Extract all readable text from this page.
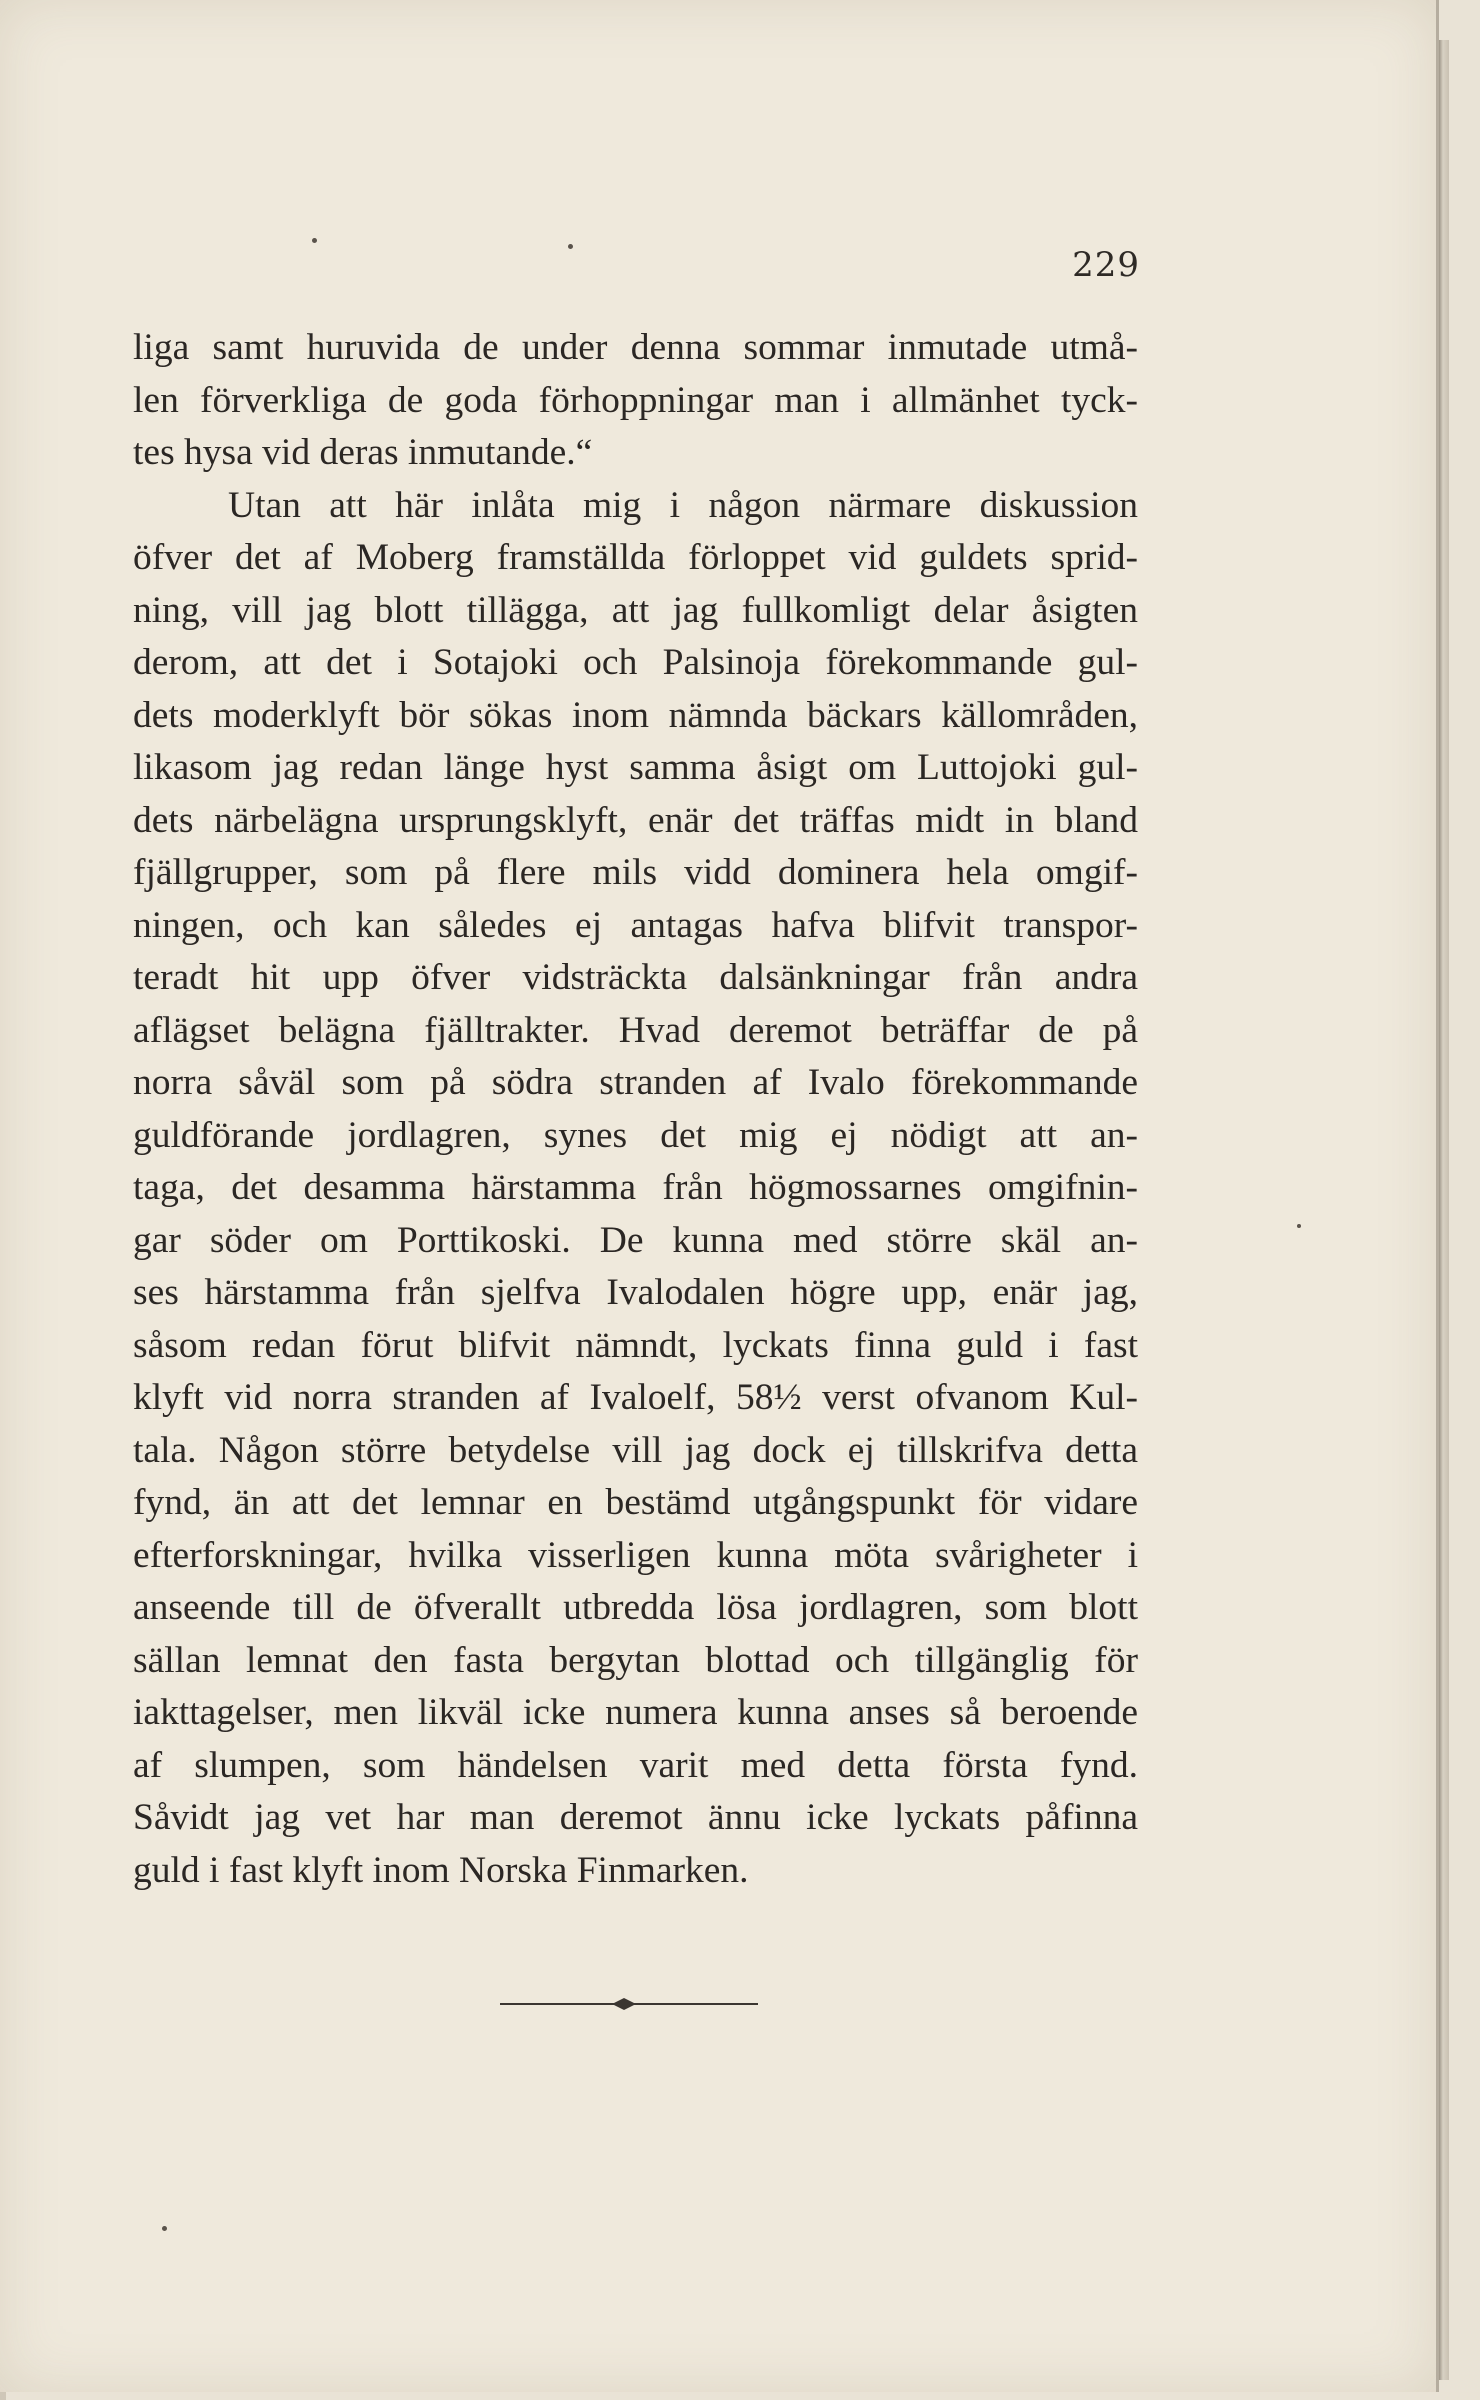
229
liga samt huruvida de under denna sommar inmutade utmå-
len förverkliga de goda förhoppningar man i allmänhet tyck-
tes hysa vid deras inmutande.“
Utan att här inlåta mig i någon närmare diskussion
öfver det af Moberg framställda förloppet vid guldets sprid-
ning, vill jag blott tillägga, att jag fullkomligt delar åsigten
derom, att det i Sotajoki och Palsinoja förekommande gul-
dets moderklyft bör sökas inom nämnda bäckars källområden,
likasom jag redan länge hyst samma åsigt om Luttojoki gul-
dets närbelägna ursprungsklyft, enär det träffas midt in bland
fjällgrupper, som på flere mils vidd dominera hela omgif-
ningen, och kan således ej antagas hafva blifvit transpor-
teradt hit upp öfver vidsträckta dalsänkningar från andra
aflägset belägna fjälltrakter. Hvad deremot beträffar de på
norra såväl som på södra stranden af Ivalo förekommande
guldförande jordlagren, synes det mig ej nödigt att an-
taga, det desamma härstamma från högmossarnes omgifnin-
gar söder om Porttikoski. De kunna med större skäl an-
ses härstamma från sjelfva Ivalodalen högre upp, enär jag,
såsom redan förut blifvit nämndt, lyckats finna guld i fast
klyft vid norra stranden af Ivaloelf, 58½ verst ofvanom Kul-
tala. Någon större betydelse vill jag dock ej tillskrifva detta
fynd, än att det lemnar en bestämd utgångspunkt för vidare
efterforskningar, hvilka visserligen kunna möta svårigheter i
anseende till de öfverallt utbredda lösa jordlagren, som blott
sällan lemnat den fasta bergytan blottad och tillgänglig för
iakttagelser, men likväl icke numera kunna anses så beroende
af slumpen, som händelsen varit med detta första fynd.
Såvidt jag vet har man deremot ännu icke lyckats påfinna
guld i fast klyft inom Norska Finmarken.
